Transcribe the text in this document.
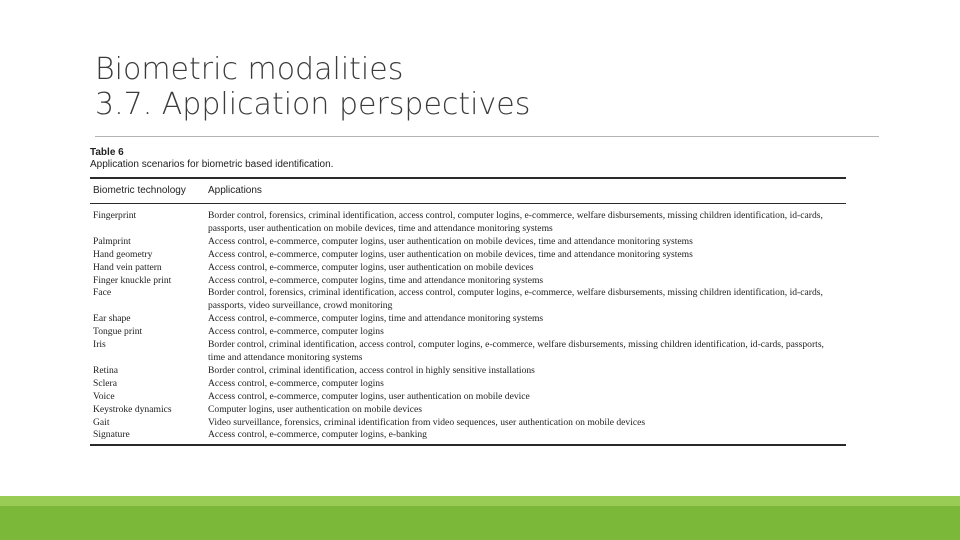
Biometric modalities
3.7. Application perspectives
Table 6
Application scenarios for biometric based identification.
Biometric technology	Applications
Fingerprint	Border control, forensics, criminal identification, access control, computer logins, e-commerce, welfare disbursements, missing children identification, id-cards, passports, user authentication on mobile devices, time and attendance monitoring systems
Palmprint	Access control, e-commerce, computer logins, user authentication on mobile devices, time and attendance monitoring systems
Hand geometry	Access control, e-commerce, computer logins, user authentication on mobile devices, time and attendance monitoring systems
Hand vein pattern	Access control, e-commerce, computer logins, user authentication on mobile devices
Finger knuckle print	Access control, e-commerce, computer logins, time and attendance monitoring systems
Face	Border control, forensics, criminal identification, access control, computer logins, e-commerce, welfare disbursements, missing children identification, id-cards, passports, video surveillance, crowd monitoring
Ear shape	Access control, e-commerce, computer logins, time and attendance monitoring systems
Tongue print	Access control, e-commerce, computer logins
Iris	Border control, criminal identification, access control, computer logins, e-commerce, welfare disbursements, missing children identification, id-cards, passports, time and attendance monitoring systems
Retina	Border control, criminal identification, access control in highly sensitive installations
Sclera	Access control, e-commerce, computer logins
Voice	Access control, e-commerce, computer logins, user authentication on mobile device
Keystroke dynamics	Computer logins, user authentication on mobile devices
Gait	Video surveillance, forensics, criminal identification from video sequences, user authentication on mobile devices
Signature	Access control, e-commerce, computer logins, e-banking
